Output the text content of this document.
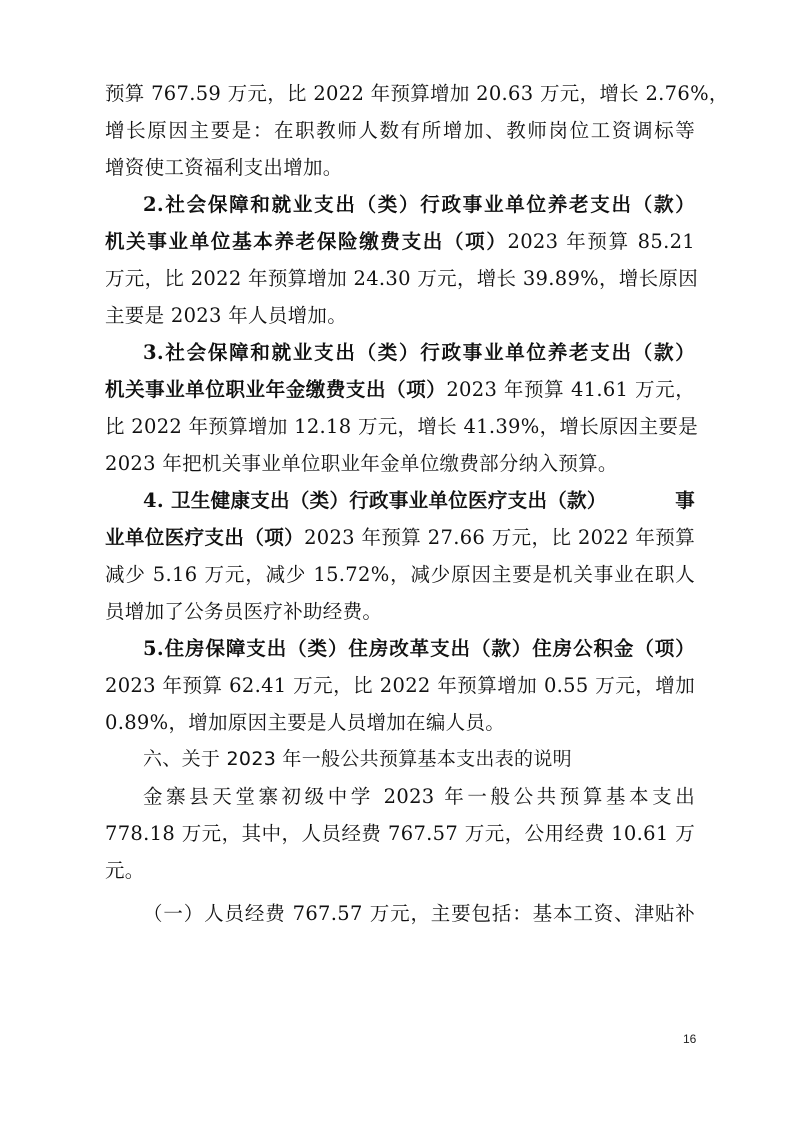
预算 767.59 万元，比 2022 年预算增加 20.63 万元，增长 2.76%，
增长原因主要是：在职教师人数有所增加、教师岗位工资调标等
增资使工资福利支出增加。
2.社会保障和就业支出（类）行政事业单位养老支出（款）
机关事业单位基本养老保险缴费支出（项）2023 年预算 85.21
万元，比 2022 年预算增加 24.30 万元，增长 39.89%，增长原因
主要是 2023 年人员增加。
3.社会保障和就业支出（类）行政事业单位养老支出（款）
机关事业单位职业年金缴费支出（项）2023 年预算 41.61 万元，
比 2022 年预算增加 12.18 万元，增长 41.39%，增长原因主要是
2023 年把机关事业单位职业年金单位缴费部分纳入预算。
4. 卫生健康支出（类）行政事业单位医疗支出（款）	事
业单位医疗支出（项）2023 年预算 27.66 万元，比 2022 年预算
减少 5.16 万元，减少 15.72%，减少原因主要是机关事业在职人
员增加了公务员医疗补助经费。
5.住房保障支出（类）住房改革支出（款）住房公积金（项）
2023 年预算 62.41 万元，比 2022 年预算增加 0.55 万元，增加
0.89%，增加原因主要是人员增加在编人员。
六、关于 2023 年一般公共预算基本支出表的说明
金寨县天堂寨初级中学 2023 年一般公共预算基本支出
778.18 万元，其中，人员经费 767.57 万元，公用经费 10.61 万
元。
（一）人员经费 767.57 万元，主要包括：基本工资、津贴补
16
